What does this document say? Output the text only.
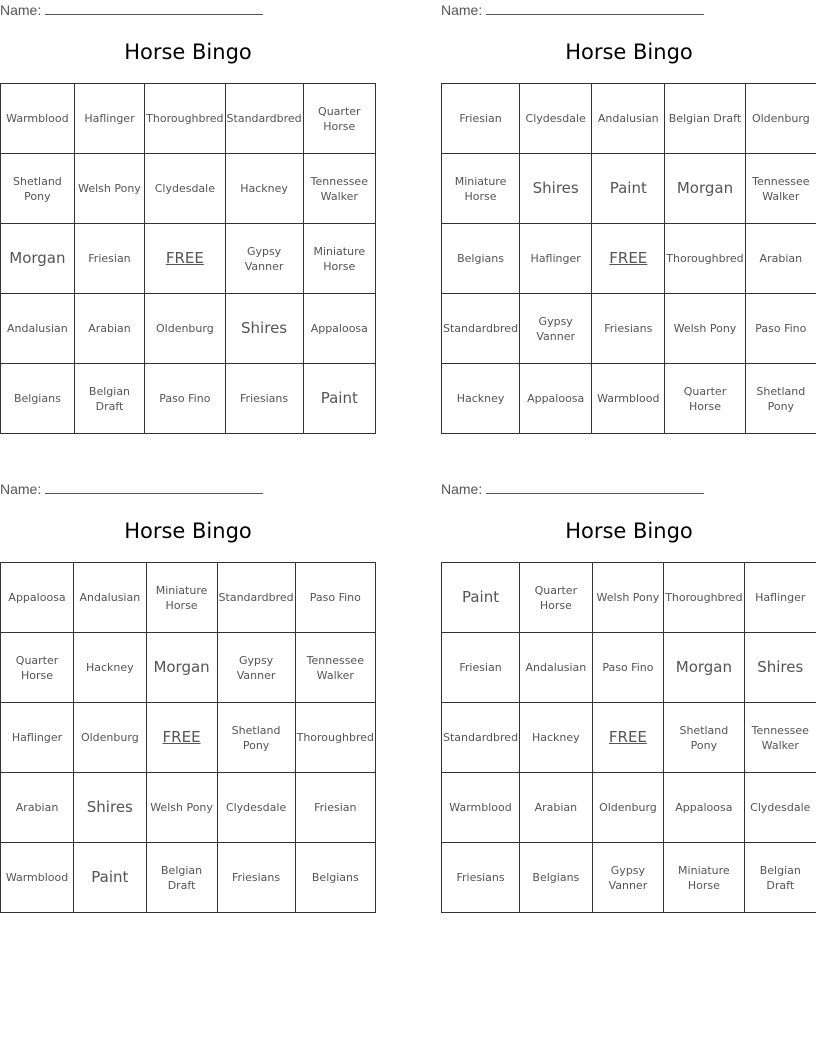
Name:
Horse Bingo
Warmblood	Haflinger	Thoroughbred	Standardbred	Quarter Horse
Shetland Pony	Welsh Pony	Clydesdale	Hackney	Tennessee Walker
Morgan	Friesian	FREE	Gypsy Vanner	Miniature Horse
Andalusian	Arabian	Oldenburg	Shires	Appaloosa
Belgians	Belgian Draft	Paso Fino	Friesians	Paint
Name:
Horse Bingo
Friesian	Clydesdale	Andalusian	Belgian Draft	Oldenburg
Miniature Horse	Shires	Paint	Morgan	Tennessee Walker
Belgians	Haflinger	FREE	Thoroughbred	Arabian
Standardbred	Gypsy Vanner	Friesians	Welsh Pony	Paso Fino
Hackney	Appaloosa	Warmblood	Quarter Horse	Shetland Pony
Name:
Horse Bingo
Appaloosa	Andalusian	Miniature Horse	Standardbred	Paso Fino
Quarter Horse	Hackney	Morgan	Gypsy Vanner	Tennessee Walker
Haflinger	Oldenburg	FREE	Shetland Pony	Thoroughbred
Arabian	Shires	Welsh Pony	Clydesdale	Friesian
Warmblood	Paint	Belgian Draft	Friesians	Belgians
Name:
Horse Bingo
Paint	Quarter Horse	Welsh Pony	Thoroughbred	Haflinger
Friesian	Andalusian	Paso Fino	Morgan	Shires
Standardbred	Hackney	FREE	Shetland Pony	Tennessee Walker
Warmblood	Arabian	Oldenburg	Appaloosa	Clydesdale
Friesians	Belgians	Gypsy Vanner	Miniature Horse	Belgian Draft
